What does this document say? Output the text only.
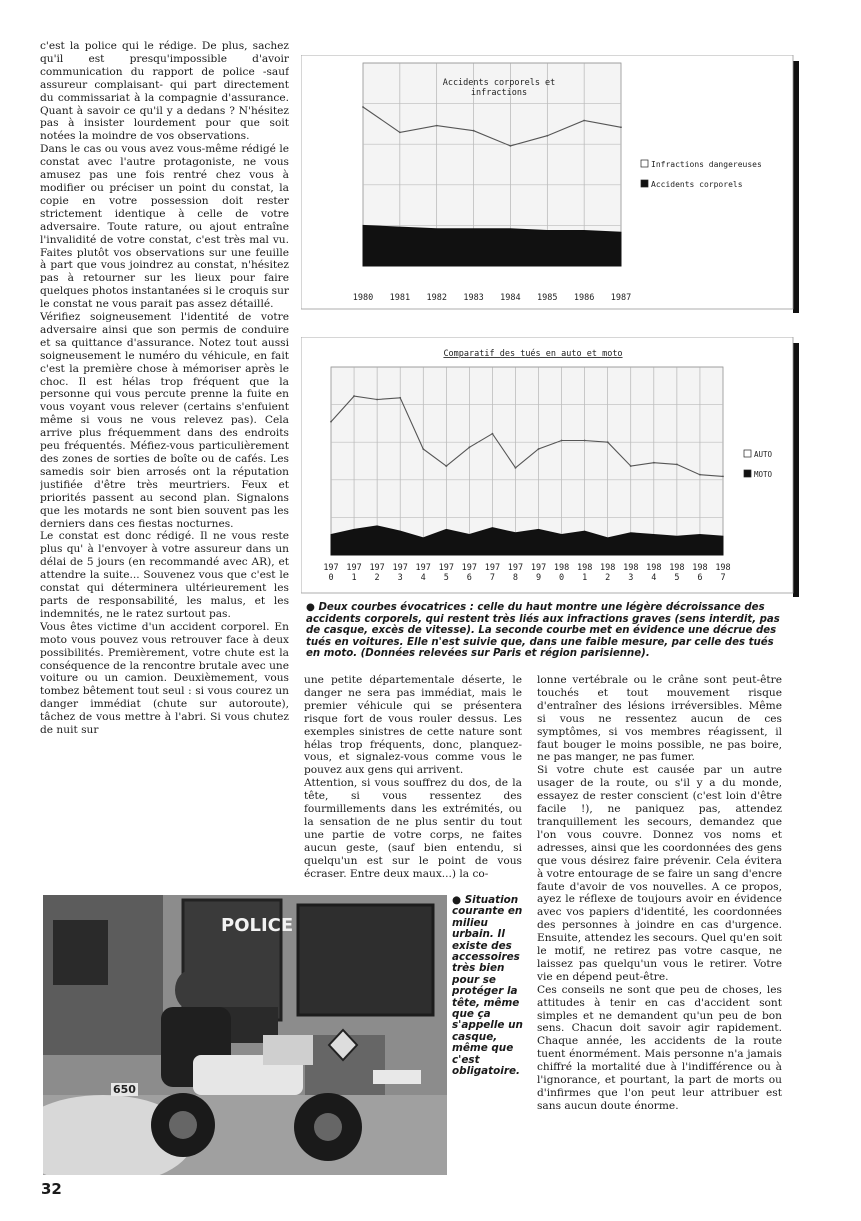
c'est la police qui le rédige. De plus, sachez qu'il est presqu'impossible d'avoir communication du rapport de police -sauf assureur complaisant- qui part directement du commissariat à la compagnie d'assurance. Quant à savoir ce qu'il y a dedans ? N'hésitez pas à insister lourdement pour que soit notées la moindre de vos observations.

Dans le cas ou vous avez vous-même rédigé le constat avec l'autre protagoniste, ne vous amusez pas une fois rentré chez vous à modifier ou préciser un point du constat, la copie en votre possession doit rester strictement identique à celle de votre adversaire. Toute rature, ou ajout entraîne l'invalidité de votre constat, c'est très mal vu. Faites plutôt vos observations sur une feuille à part que vous joindrez au constat, n'hésitez pas à retourner sur les lieux pour faire quelques photos instantanées si le croquis sur le constat ne vous parait pas assez détaillé.

Vérifiez soigneusement l'identité de votre adversaire ainsi que son permis de conduire et sa quittance d'assurance. Notez tout aussi soigneusement le numéro du véhicule, en fait c'est la première chose à mémoriser après le choc. Il est hélas trop fréquent que la personne qui vous percute prenne la fuite en vous voyant vous relever (certains s'enfuient même si vous ne vous relevez pas). Cela arrive plus fréquemment dans des endroits peu fréquentés. Méfiez-vous particulièrement des zones de sorties de boîte ou de cafés. Les samedis soir bien arrosés ont la réputation justifiée d'être très meurtriers. Feux et priorités passent au second plan. Signalons que les motards ne sont bien souvent pas les derniers dans ces fiestas nocturnes.

Le constat est donc rédigé. Il ne vous reste plus qu' à l'envoyer à votre assureur dans un délai de 5 jours (en recommandé avec AR), et attendre la suite... Souvenez vous que c'est le constat qui déterminera ultérieurement les parts de responsabilité, les malus, et les indemnités, ne le ratez surtout pas.

Vous êtes victime d'un accident corporel. En moto vous pouvez vous retrouver face à deux possibilités. Premièrement, votre chute est la conséquence de la rencontre brutale avec une voiture ou un camion. Deuxièmement, vous tombez bêtement tout seul : si vous courez un danger immédiat (chute sur autoroute), tâchez de vous mettre à l'abri. Si vous chutez de nuit sur

une petite départementale déserte, le danger ne sera pas immédiat, mais le premier véhicule qui se présentera risque fort de vous rouler dessus. Les exemples sinistres de cette nature sont hélas trop fréquents, donc, planquez-vous, et signalez-vous comme vous le pouvez aux gens qui arrivent.

Attention, si vous souffrez du dos, de la tête, si vous ressentez des fourmillements dans les extrémités, ou la sensation de ne plus sentir du tout une partie de votre corps, ne faites aucun geste, (sauf bien entendu, si quelqu'un est sur le point de vous écraser. Entre deux maux...) la co-

lonne vertébrale ou le crâne sont peut-être touchés et tout mouvement risque d'entraîner des lésions irréversibles. Même si vous ne ressentez aucun de ces symptômes, si vos membres réagissent, il faut bouger le moins possible, ne pas boire, ne pas manger, ne pas fumer.

Si votre chute est causée par un autre usager de la route, ou s'il y a du monde, essayez de rester conscient (c'est loin d'être facile !), ne paniquez pas, attendez tranquillement les secours, demandez que l'on vous couvre. Donnez vos noms et adresses, ainsi que les coordonnées des gens que vous désirez faire prévenir. Cela évitera à votre entourage de se faire un sang d'encre faute d'avoir de vos nouvelles. A ce propos, ayez le réflexe de toujours avoir en évidence avec vos papiers d'identité, les coordonnées des personnes à joindre en cas d'urgence. Ensuite, attendez les secours. Quel qu'en soit le motif, ne retirez pas votre casque, ne laissez pas quelqu'un vous le retirer. Votre vie en dépend peut-être.

Ces conseils ne sont que peu de choses, les attitudes à tenir en cas d'accident sont simples et ne demandent qu'un peu de bon sens. Chacun doit savoir agir rapidement. Chaque année, les accidents de la route tuent énormément. Mais personne n'a jamais chiffré la mortalité due à l'indifférence ou à l'ignorance, et pourtant, la part de morts ou d'infirmes que l'on peut leur attribuer est sans aucun doute énorme.

Accidents corporels et infractions
1980 1981 1982 1983 1984 1985 1986 1987
Infractions dangereuses
Accidents corporels
Comparatif des tués en auto et moto
197 0
197 1
197 2
197 3
197 4
197 5
197 6
197 7
197 8
197 9
198 0
198 1
198 2
198 3
198 4
198 5
198 6
198 7
AUTO
MOTO
● Deux courbes évocatrices : celle du haut montre une légère décroissance des accidents corporels, qui restent très liés aux infractions graves (sens interdit, pas de casque, excès de vitesse). La seconde courbe met en évidence une décrue des tués en voitures. Elle n'est suivie que, dans une faible mesure, par celle des tués en moto. (Données relevées sur Paris et région parisienne).
POLICE
650
● Situation courante en milieu urbain. Il existe des accessoires très bien pour se protéger la tête, même que ça s'appelle un casque, même que c'est obligatoire.
32
